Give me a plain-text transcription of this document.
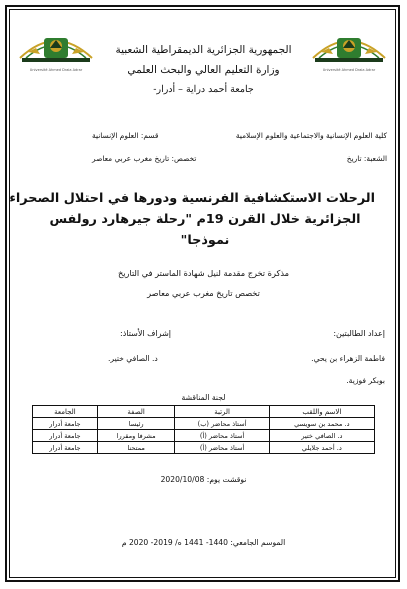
Université Ahmed Draia Adrar	Université Ahmed Draia Adrar
الجمهورية الجزائرية الديمقراطية الشعبية
وزارة التعليم العالي والبحث العلمي
جامعة أحمد دراية – أدرار-
كلية العلوم الإنسانية والاجتماعية والعلوم الإسلامية
قسم: العلوم الإنسانية
الشعبة: تاريخ
تخصص: تاريخ مغرب عربي معاصر
الرحلات الاستكشافية الفرنسية ودورها في احتلال الصحراء
الجزائرية خلال القرن 19م "رحلة جيرهارد رولفس
نموذجا"
مذكرة تخرج مقدمة لنيل شهادة الماستر في التاريخ
تخصص تاريخ مغرب عربي معاصر
إعداد الطالبتين:
إشراف الأستاذ:
فاطمة الزهراء بن يحي.
د. الصافي ختير.
بوبكر فوزية.
لجنة المناقشة
الاسم واللقب	الرتبة	الصفة	الجامعة
د. محمد بن سويسي	أستاذ محاضر (ب)	رئيسا	جامعة أدرار
د. الصافي ختير	أستاذ محاضر (أ)	مشرفا ومقررا	جامعة أدرار
د. أحمد جلايلي	أستاذ محاضر (أ)	ممتحنا	جامعة أدرار
نوقشت يوم: 2020/10/08
الموسم الجامعي: 1440- 1441 ه/ 2019- 2020 م
